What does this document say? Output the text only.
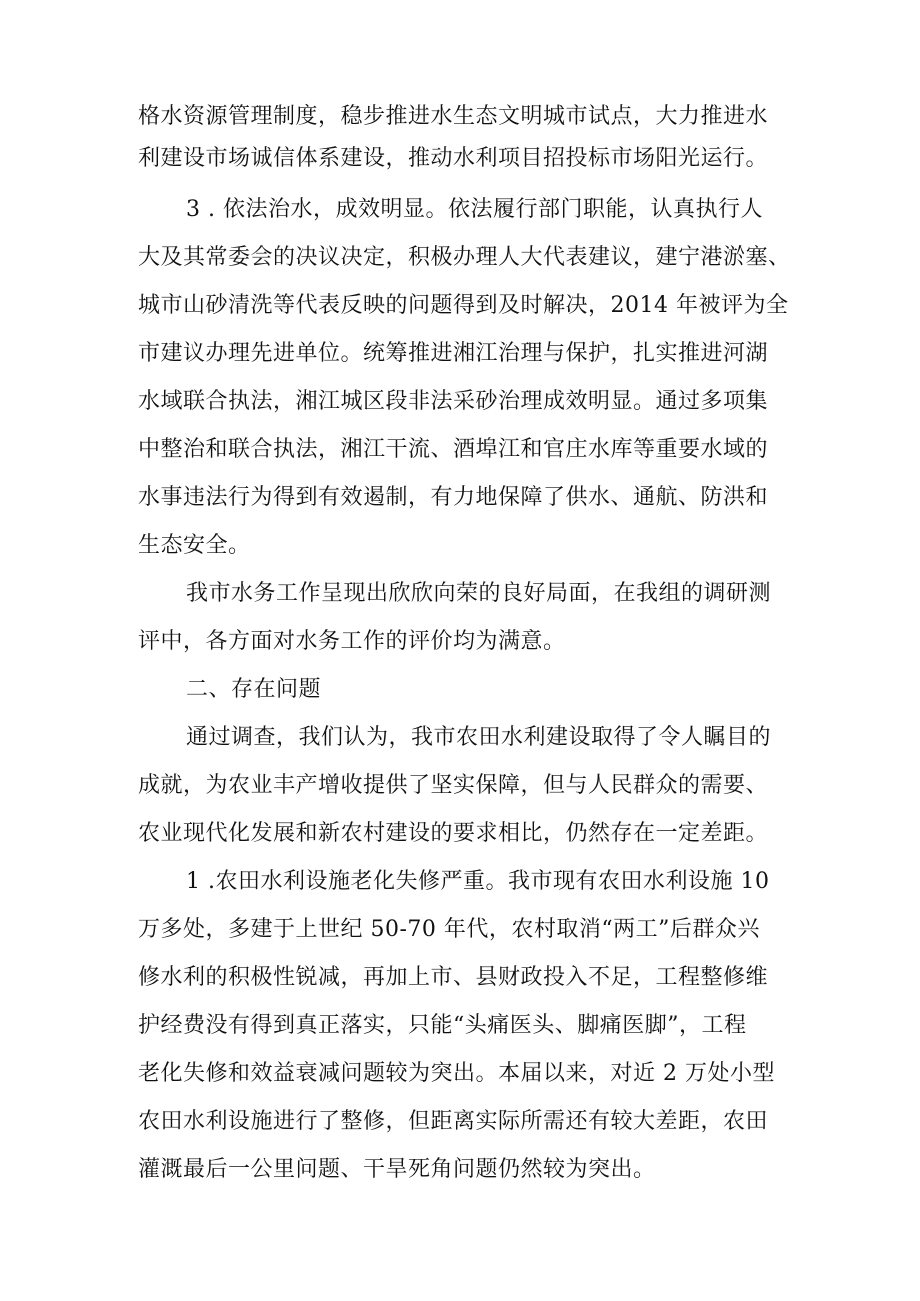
格水资源管理制度，稳步推进水生态文明城市试点，大力推进水
利建设市场诚信体系建设，推动水利项目招投标市场阳光运行。
3 . 依法治水，成效明显。依法履行部门职能，认真执行人
大及其常委会的决议决定，积极办理人大代表建议，建宁港淤塞、
城市山砂清洗等代表反映的问题得到及时解决，2014 年被评为全
市建议办理先进单位。统筹推进湘江治理与保护，扎实推进河湖
水域联合执法，湘江城区段非法采砂治理成效明显。通过多项集
中整治和联合执法，湘江干流、酒埠江和官庄水库等重要水域的
水事违法行为得到有效遏制，有力地保障了供水、通航、防洪和
生态安全。
我市水务工作呈现出欣欣向荣的良好局面，在我组的调研测
评中，各方面对水务工作的评价均为满意。
二、存在问题
通过调查，我们认为，我市农田水利建设取得了令人瞩目的
成就，为农业丰产增收提供了坚实保障，但与人民群众的需要、
农业现代化发展和新农村建设的要求相比，仍然存在一定差距。
1 .农田水利设施老化失修严重。我市现有农田水利设施 10
万多处，多建于上世纪 50-70 年代，农村取消“两工”后群众兴
修水利的积极性锐减，再加上市、县财政投入不足，工程整修维
护经费没有得到真正落实，只能“头痛医头、脚痛医脚”，工程
老化失修和效益衰减问题较为突出。本届以来，对近 2 万处小型
农田水利设施进行了整修，但距离实际所需还有较大差距，农田
灌溉最后一公里问题、干旱死角问题仍然较为突出。
